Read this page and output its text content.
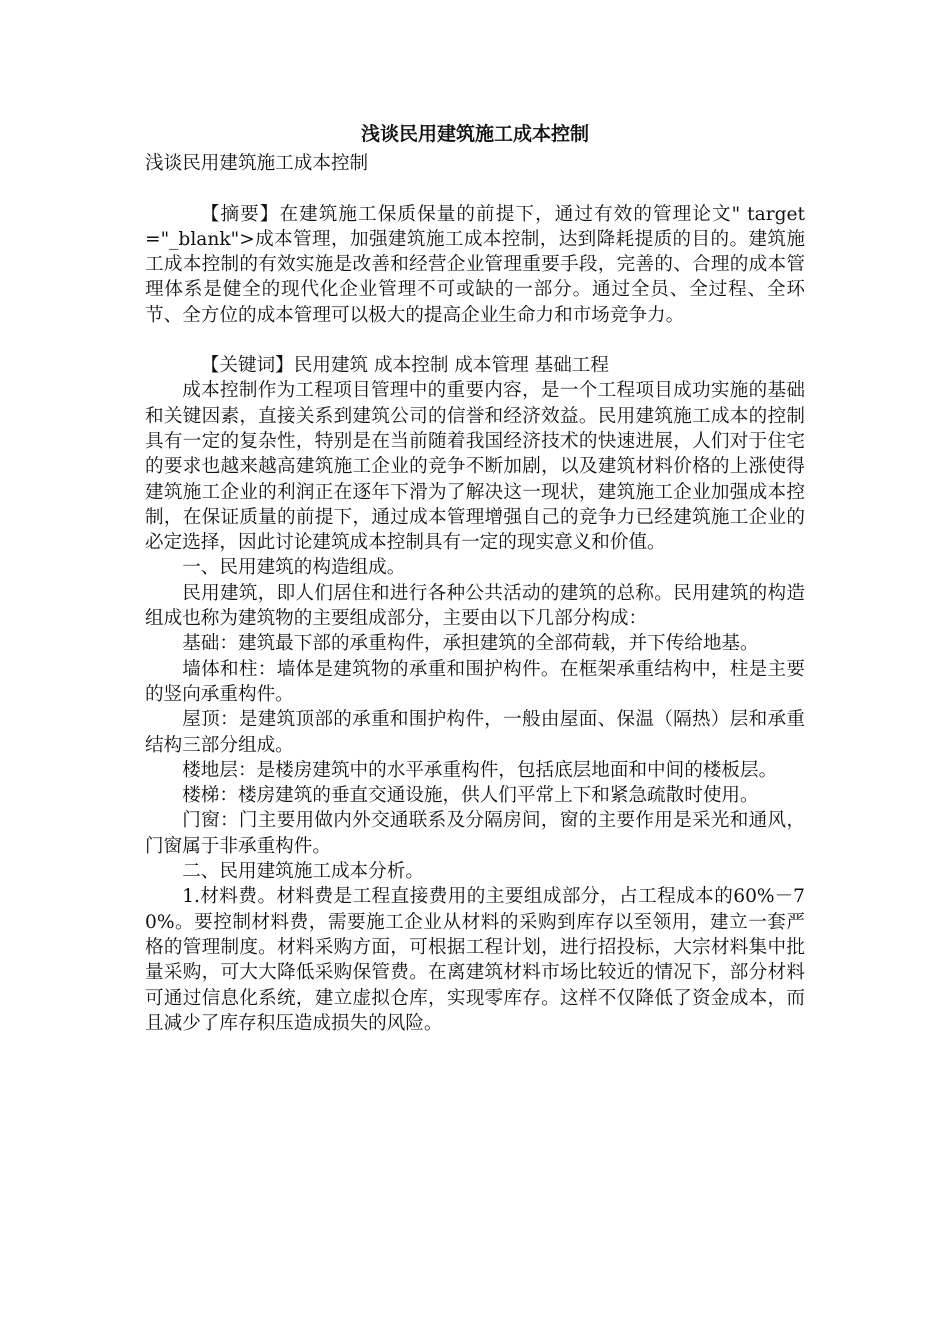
浅谈民用建筑施工成本控制
浅谈民用建筑施工成本控制

【摘要】在建筑施工保质保量的前提下，通过有效的管理论文" target="_blank">成本管理，加强建筑施工成本控制，达到降耗提质的目的。建筑施工成本控制的有效实施是改善和经营企业管理重要手段，完善的、合理的成本管理体系是健全的现代化企业管理不可或缺的一部分。通过全员、全过程、全环节、全方位的成本管理可以极大的提高企业生命力和市场竞争力。

【关键词】民用建筑 成本控制 成本管理 基础工程

成本控制作为工程项目管理中的重要内容，是一个工程项目成功实施的基础和关键因素，直接关系到建筑公司的信誉和经济效益。民用建筑施工成本的控制具有一定的复杂性，特别是在当前随着我国经济技术的快速进展，人们对于住宅的要求也越来越高建筑施工企业的竞争不断加剧，以及建筑材料价格的上涨使得建筑施工企业的利润正在逐年下滑为了解决这一现状，建筑施工企业加强成本控制，在保证质量的前提下，通过成本管理增强自己的竞争力已经建筑施工企业的必定选择，因此讨论建筑成本控制具有一定的现实意义和价值。

一、民用建筑的构造组成。

民用建筑，即人们居住和进行各种公共活动的建筑的总称。民用建筑的构造组成也称为建筑物的主要组成部分，主要由以下几部分构成：

基础：建筑最下部的承重构件，承担建筑的全部荷载，并下传给地基。

墙体和柱：墙体是建筑物的承重和围护构件。在框架承重结构中，柱是主要的竖向承重构件。

屋顶：是建筑顶部的承重和围护构件，一般由屋面、保温（隔热）层和承重结构三部分组成。

楼地层：是楼房建筑中的水平承重构件，包括底层地面和中间的楼板层。

楼梯：楼房建筑的垂直交通设施，供人们平常上下和紧急疏散时使用。

门窗：门主要用做内外交通联系及分隔房间，窗的主要作用是采光和通风，门窗属于非承重构件。

二、民用建筑施工成本分析。

1.材料费。材料费是工程直接费用的主要组成部分，占工程成本的60%－70%。要控制材料费，需要施工企业从材料的采购到库存以至领用，建立一套严格的管理制度。材料采购方面，可根据工程计划，进行招投标，大宗材料集中批量采购，可大大降低采购保管费。在离建筑材料市场比较近的情况下，部分材料可通过信息化系统，建立虚拟仓库，实现零库存。这样不仅降低了资金成本，而且减少了库存积压造成损失的风险。
